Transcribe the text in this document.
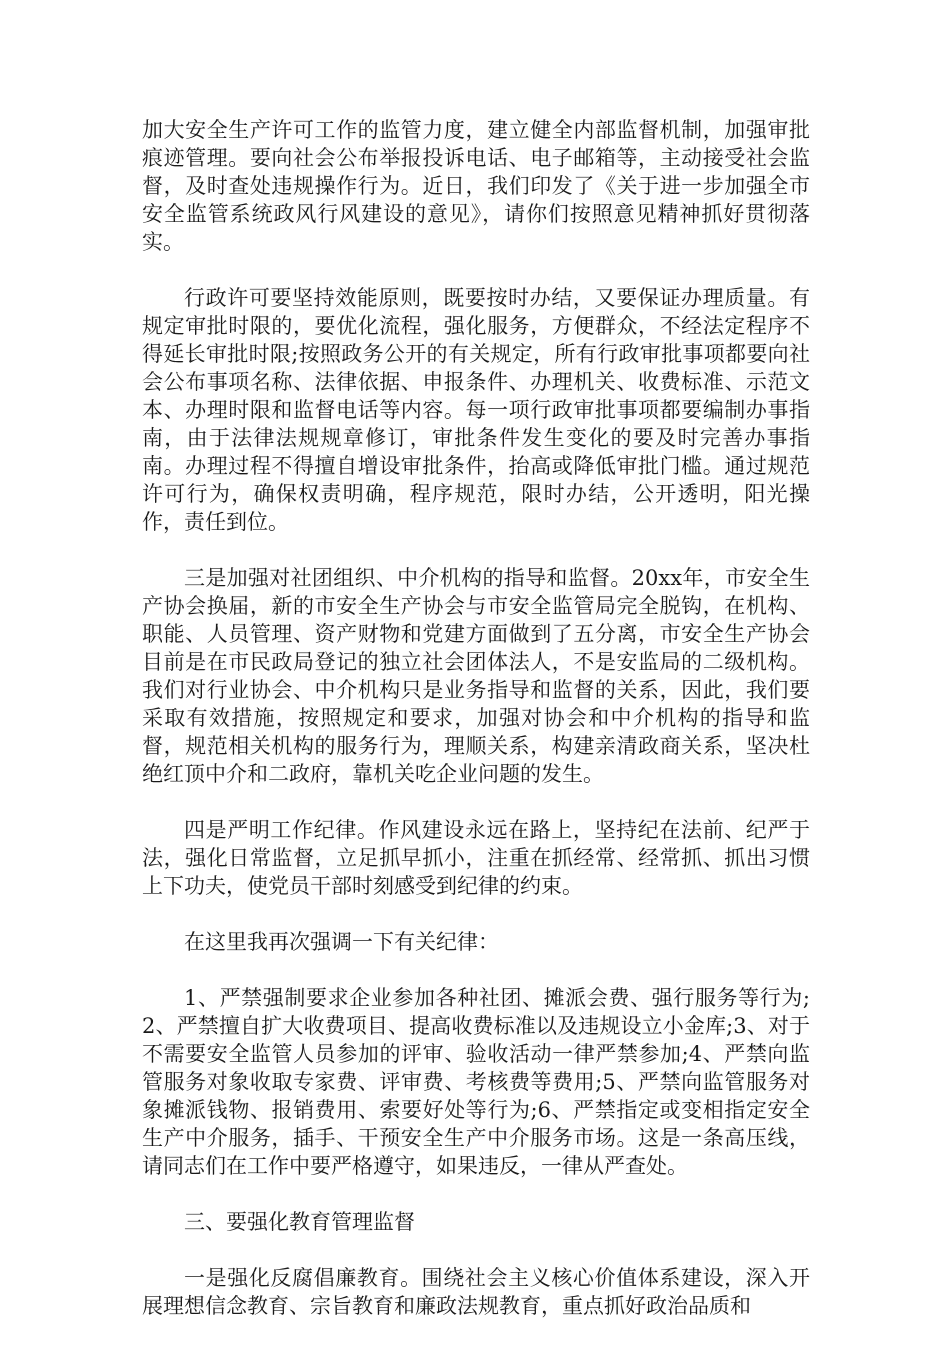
加大安全生产许可工作的监管力度，建立健全内部监督机制，加强审批痕迹管理。要向社会公布举报投诉电话、电子邮箱等，主动接受社会监督，及时查处违规操作行为。近日，我们印发了《关于进一步加强全市安全监管系统政风行风建设的意见》，请你们按照意见精神抓好贯彻落实。

行政许可要坚持效能原则，既要按时办结，又要保证办理质量。有规定审批时限的，要优化流程，强化服务，方便群众，不经法定程序不得延长审批时限;按照政务公开的有关规定，所有行政审批事项都要向社会公布事项名称、法律依据、申报条件、办理机关、收费标准、示范文本、办理时限和监督电话等内容。每一项行政审批事项都要编制办事指南，由于法律法规规章修订，审批条件发生变化的要及时完善办事指南。办理过程不得擅自增设审批条件，抬高或降低审批门槛。通过规范许可行为，确保权责明确，程序规范，限时办结，公开透明，阳光操作，责任到位。

三是加强对社团组织、中介机构的指导和监督。20xx年，市安全生产协会换届，新的市安全生产协会与市安全监管局完全脱钩，在机构、职能、人员管理、资产财物和党建方面做到了五分离，市安全生产协会目前是在市民政局登记的独立社会团体法人，不是安监局的二级机构。我们对行业协会、中介机构只是业务指导和监督的关系，因此，我们要采取有效措施，按照规定和要求，加强对协会和中介机构的指导和监督，规范相关机构的服务行为，理顺关系，构建亲清政商关系，坚决杜绝红顶中介和二政府，靠机关吃企业问题的发生。

四是严明工作纪律。作风建设永远在路上，坚持纪在法前、纪严于法，强化日常监督，立足抓早抓小，注重在抓经常、经常抓、抓出习惯上下功夫，使党员干部时刻感受到纪律的约束。

在这里我再次强调一下有关纪律：

1、严禁强制要求企业参加各种社团、摊派会费、强行服务等行为;2、严禁擅自扩大收费项目、提高收费标准以及违规设立小金库;3、对于不需要安全监管人员参加的评审、验收活动一律严禁参加;4、严禁向监管服务对象收取专家费、评审费、考核费等费用;5、严禁向监管服务对象摊派钱物、报销费用、索要好处等行为;6、严禁指定或变相指定安全生产中介服务，插手、干预安全生产中介服务市场。这是一条高压线，请同志们在工作中要严格遵守，如果违反，一律从严查处。

三、要强化教育管理监督

一是强化反腐倡廉教育。围绕社会主义核心价值体系建设，深入开展理想信念教育、宗旨教育和廉政法规教育，重点抓好政治品质和
